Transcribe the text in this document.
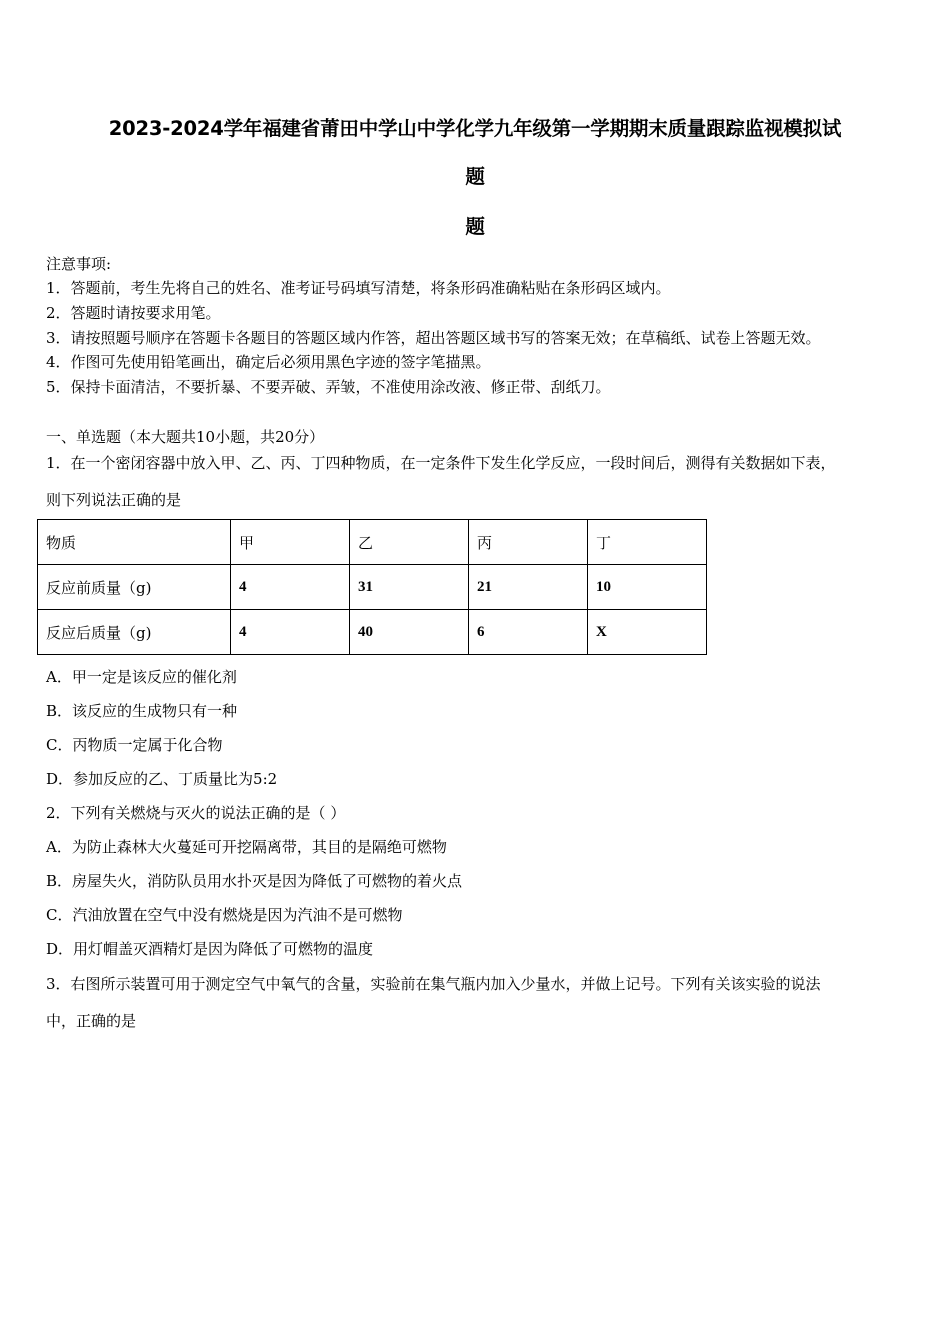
2023-2024学年福建省莆田中学山中学化学九年级第一学期期末质量跟踪监视模拟试
题
题
注意事项:
1．答题前，考生先将自己的姓名、准考证号码填写清楚，将条形码准确粘贴在条形码区域内。
2．答题时请按要求用笔。
3．请按照题号顺序在答题卡各题目的答题区域内作答，超出答题区域书写的答案无效；在草稿纸、试卷上答题无效。
4．作图可先使用铅笔画出，确定后必须用黑色字迹的签字笔描黑。
5．保持卡面清洁，不要折暴、不要弄破、弄皱，不准使用涂改液、修正带、刮纸刀。
一、单选题（本大题共10小题，共20分）
1．在一个密闭容器中放入甲、乙、丙、丁四种物质，在一定条件下发生化学反应，一段时间后，测得有关数据如下表，
则下列说法正确的是
物质	甲	乙	丙	丁
反应前质量（g)	4	31	21	10
反应后质量（g)	4	40	6	X
A．甲一定是该反应的催化剂
B．该反应的生成物只有一种
C．丙物质一定属于化合物
D．参加反应的乙、丁质量比为5:2
2．下列有关燃烧与灭火的说法正确的是（ ）
A．为防止森林大火蔓延可开挖隔离带，其目的是隔绝可燃物
B．房屋失火，消防队员用水扑灭是因为降低了可燃物的着火点
C．汽油放置在空气中没有燃烧是因为汽油不是可燃物
D．用灯帽盖灭酒精灯是因为降低了可燃物的温度
3．右图所示装置可用于测定空气中氧气的含量，实验前在集气瓶内加入少量水，并做上记号。下列有关该实验的说法
中，正确的是
